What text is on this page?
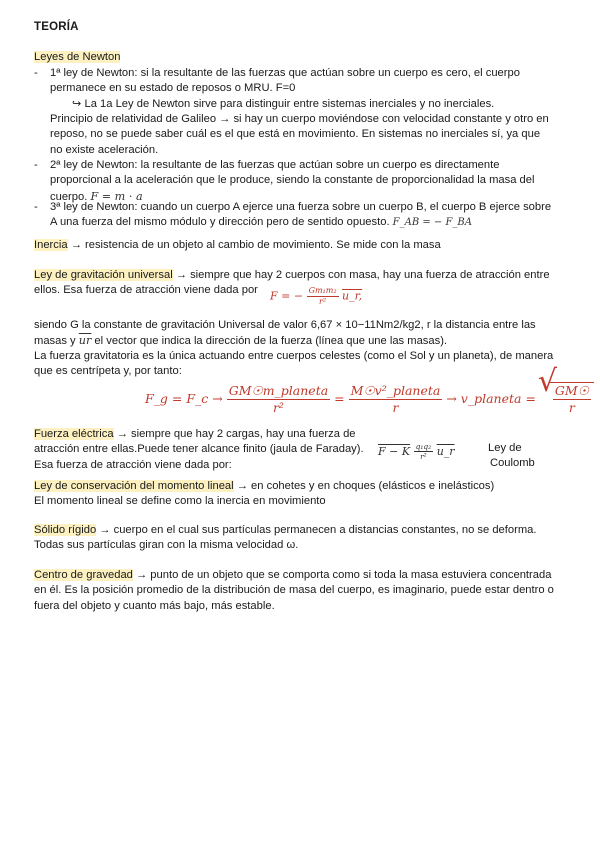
TEORÍA
Leyes de Newton
- 1ª ley de Newton: si la resultante de las fuerzas que actúan sobre un cuerpo es cero, el cuerpo permanece en su estado de reposos o MRU. F=0
↪ La 1a Ley de Newton sirve para distinguir entre sistemas inerciales y no inerciales.
Principio de relatividad de Galileo → si hay un cuerpo moviéndose con velocidad constante y otro en reposo, no se puede saber cuál es el que está en movimiento. En sistemas no inerciales sí, ya que no existe aceleración.
- 2ª ley de Newton: la resultante de las fuerzas que actúan sobre un cuerpo es directamente proporcional a la aceleración que le produce, siendo la constante de proporcionalidad la masa del cuerpo. F = m · a
- 3ª ley de Newton: cuando un cuerpo A ejerce una fuerza sobre un cuerpo B, el cuerpo B ejerce sobre A una fuerza del mismo módulo y dirección pero de sentido opuesto. F_AB = − F_BA
Inercia → resistencia de un objeto al cambio de movimiento. Se mide con la masa
Ley de gravitación universal → siempre que hay 2 cuerpos con masa, hay una fuerza de atracción entre ellos. Esa fuerza de atracción viene dada por	F = − $\frac{\text{Gm₁m₂}}{\text{r²}}$ u_r,
siendo G la constante de gravitación Universal de valor 6,67 × 10−11Nm2/kg2, r la distancia entre las masas y $\overline{ur}$ el vector que indica la dirección de la fuerza (línea que une las masas).
La fuerza gravitatoria es la única actuando entre cuerpos celestes (como el Sol y un planeta), de manera que es centrípeta y, por tanto:
F_g = F_c →
GM☉m_planeta
r²
=
M☉v²_planeta
r
→ v_planeta = √ $\frac{GM☉}{r}$
Fuerza eléctrica → siempre que hay 2 cargas, hay una fuerza de atracción entre ellas.Puede tener alcance finito (jaula de Faraday). Esa fuerza de atracción viene dada por:
F − K $\frac{\text{q₁q₂}}{\text{r²}}$ u_r	Ley de
Coulomb
Ley de conservación del momento lineal → en cohetes y en choques (elásticos e inelásticos)
El momento lineal se define como la inercia en movimiento
Sólido rígido → cuerpo en el cual sus partículas permanecen a distancias constantes, no se deforma. Todas sus partículas giran con la misma velocidad ω.
Centro de gravedad → punto de un objeto que se comporta como si toda la masa estuviera concentrada en él. Es la posición promedio de la distribución de masa del cuerpo, es imaginario, puede estar dentro o fuera del objeto y cuanto más bajo, más estable.
